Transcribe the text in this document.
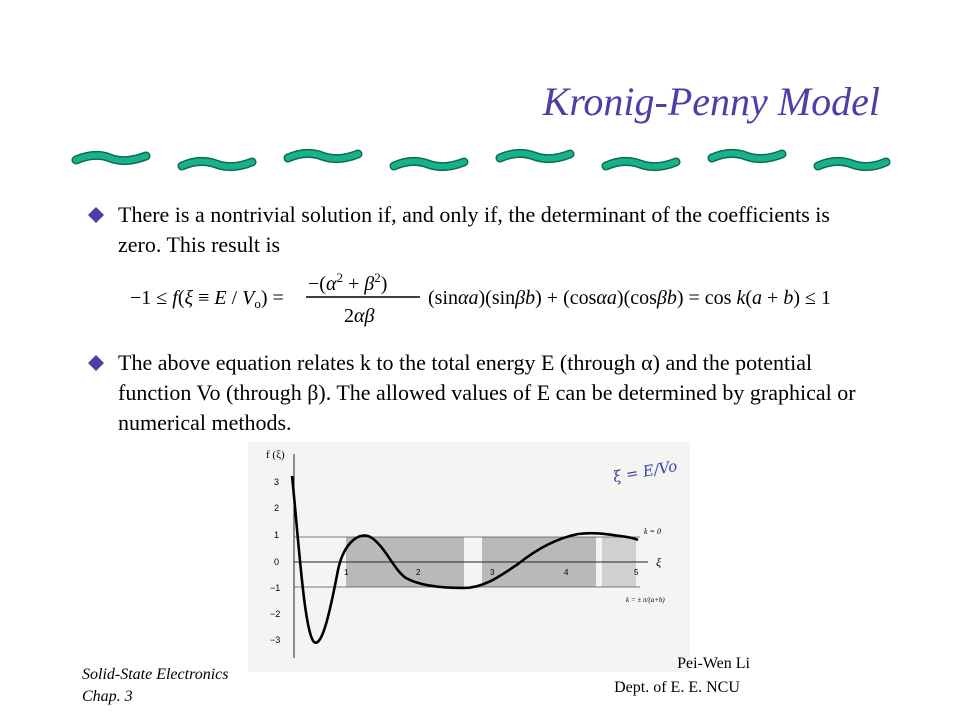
Kronig-Penny Model
There is a nontrivial solution if, and only if, the determinant of the coefficients is zero. This result is
$-1 \le f(\xi \equiv E / V_o)$ =
$-(\alpha^2 + \beta^2)$
2αβ
(sinαa)(sinβb) + (cosαa)(cosβb) = cos k(a + b) ≤ 1
The above equation relates k to the total energy E (through α) and the potential function Vo (through β). The allowed values of E can be determined by graphical or numerical methods.
f (ξ)
3
2
1
0
−1
−2
−3
1	2	3	4	5
ξ
k = 0
k = ± π/(a+b)
ξ = E/Vo
Solid-State Electronics
Chap. 3
Pei-Wen Li
Dept. of E. E. NCU
